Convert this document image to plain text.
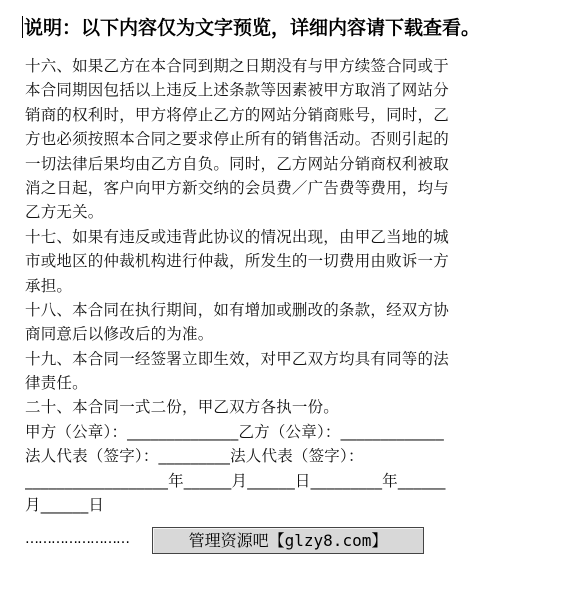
说明：以下内容仅为文字预览，详细内容请下载查看。
十六、如果乙方在本合同到期之日期没有与甲方续签合同或于
本合同期因包括以上违反上述条款等因素被甲方取消了网站分
销商的权利时，甲方将停止乙方的网站分销商账号，同时，乙
方也必须按照本合同之要求停止所有的销售活动。否则引起的
一切法律后果均由乙方自负。同时，乙方网站分销商权利被取
消之日起，客户向甲方新交纳的会员费／广告费等费用，均与
乙方无关。
十七、如果有违反或违背此协议的情况出现，由甲乙当地的城
市或地区的仲裁机构进行仲裁，所发生的一切费用由败诉一方
承担。
十八、本合同在执行期间，如有增加或删改的条款，经双方协
商同意后以修改后的为准。
十九、本合同一经签署立即生效，对甲乙双方均具有同等的法
律责任。
二十、本合同一式二份，甲乙双方各执一份。
甲方（公章）：______________乙方（公章）：_____________
法人代表（签字）：_________法人代表（签字）：
__________________年______月______日_________年______
月______日
……………………	管理资源吧【glzy8.com】
